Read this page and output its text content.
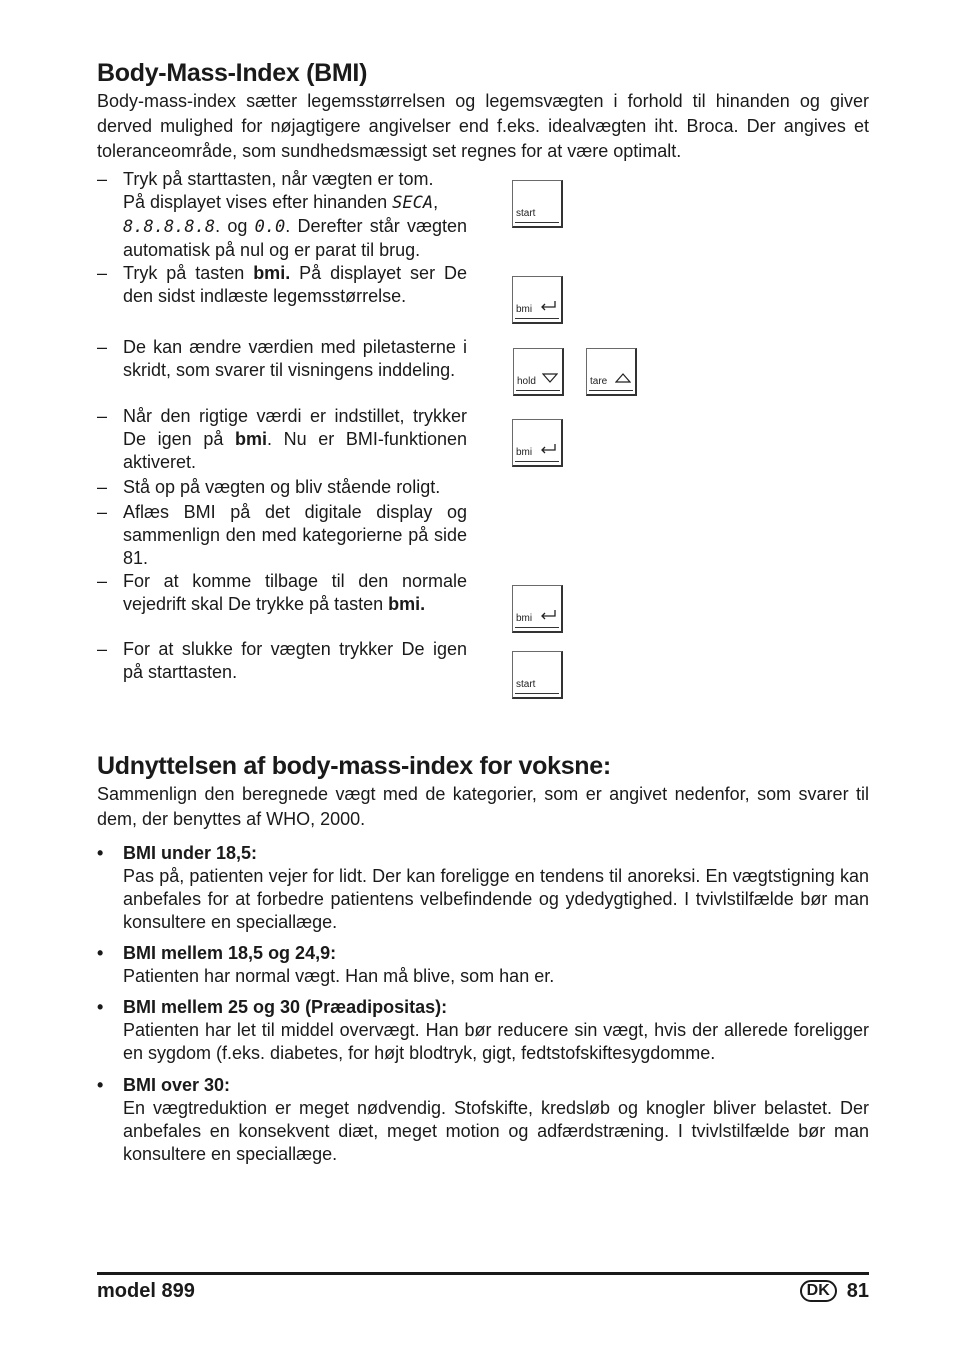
Body-Mass-Index (BMI)

Body-mass-index sætter legemsstørrelsen og legemsvægten i forhold til hinanden og giver derved mulighed for nøjagtigere angivelser end f.eks. idealvægten iht. Broca. Der angives et toleranceområde, som sundhedsmæssigt set regnes for at være optimalt.

– Tryk på starttasten, når vægten er tom.
På displayet vises efter hinanden SECA,
8.8.8.8.8. og 0.0. Derefter står vægten automatisk på nul og er parat til brug.
– Tryk på tasten bmi. På displayet ser De den sidst indlæste legemsstørrelse.
– De kan ændre værdien med piletasterne i skridt, som svarer til visningens inddeling.
– Når den rigtige værdi er indstillet, trykker De igen på bmi. Nu er BMI-funktionen aktiveret.
– Stå op på vægten og bliv stående roligt.
– Aflæs BMI på det digitale display og sammenlign den med kategorierne på side 81.
– For at komme tilbage til den normale vejedrift skal De trykke på tasten bmi.
– For at slukke for vægten trykker De igen på starttasten.
start
bmi
hold	tare
bmi
bmi
start
Udnyttelsen af body-mass-index for voksne:

Sammenlign den beregnede vægt med de kategorier, som er angivet nedenfor, som svarer til dem, der benyttes af WHO, 2000.

•	BMI under 18,5:
Pas på, patienten vejer for lidt. Der kan foreligge en tendens til anoreksi. En vægtstigning kan anbefales for at forbedre patientens velbefindende og ydedygtighed. I tvivlstilfælde bør man konsultere en speciallæge.
•	BMI mellem 18,5 og 24,9:
Patienten har normal vægt. Han må blive, som han er.
•	BMI mellem 25 og 30 (Præadipositas):
Patienten har let til middel overvægt. Han bør reducere sin vægt, hvis der allerede foreligger en sygdom (f.eks. diabetes, for højt blodtryk, gigt, fedtstofskiftesygdomme.
•	BMI over 30:
En vægtreduktion er meget nødvendig. Stofskifte, kredsløb og knogler bliver belastet. Der anbefales en konsekvent diæt, meget motion og adfærdstræning. I tvivlstilfælde bør man konsultere en speciallæge.
model 899	DK 81
